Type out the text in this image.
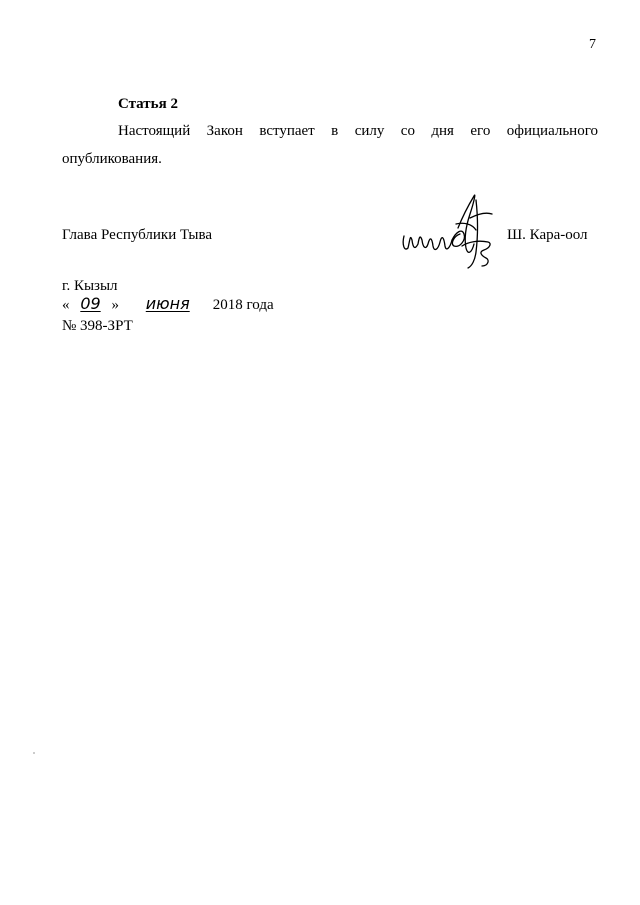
7
Статья 2
Настоящий Закон вступает в силу со дня его официального
опубликования.
Глава Республики Тыва	Ш. Кара-оол
г. Кызыл
« 09 » июня 2018 года
№ 398-ЗРТ
